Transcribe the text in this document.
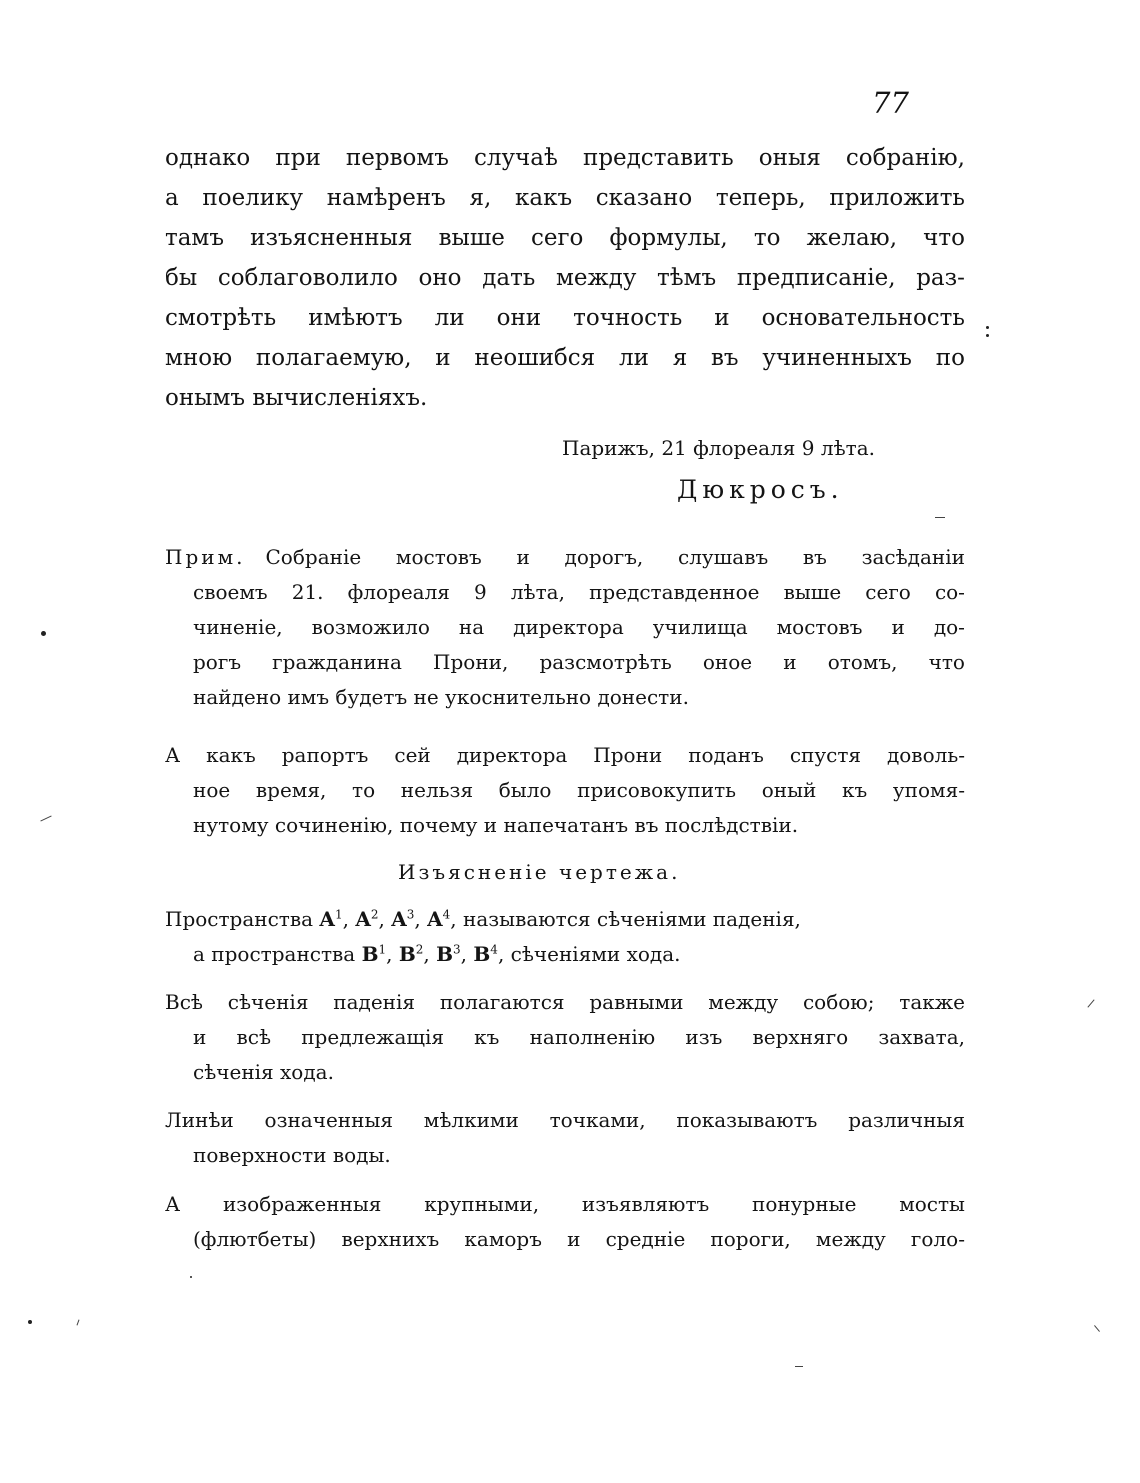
77
однако при первомъ случаѣ представить оныя собранію,
а поелику намѣренъ я, какъ сказано теперь, приложить
тамъ изъясненныя выше сего формулы, то желаю, что
бы соблаговолило оно дать между тѣмъ предписаніе, раз-
смотрѣть имѣютъ ли они точность и основательность
мною полагаемую, и неошибся ли я въ учиненныхъ по
онымъ вычисленіяхъ.
Парижъ, 21 флореаля 9 лѣта.
Дюкросъ.
Прим. Собраніе мостовъ и дорогъ, слушавъ въ засѣданіи
своемъ 21. флореаля 9 лѣта, представденное выше сего со-
чиненіе, возможило на директора училища мостовъ и до-
рогъ гражданина Прони, разсмотрѣть оное и отомъ, что
найдено имъ будетъ не укоснительно донести.
А какъ рапортъ сей директора Прони поданъ спустя доволь-
ное время, то нельзя было присовокупить оный къ упомя-
нутому сочиненію, почему и напечатанъ въ послѣдствіи.
Изъясненіе чертежа.
Пространства $A^1$, $A^2$, $A^3$, $A^4$, называются сѣченіями паденія,
а пространства $B^1$, $B^2$, $B^3$, $B^4$, сѣченіями хода.
Всѣ сѣченія паденія полагаются равными между собою; также
и всѣ предлежащія къ наполненію изъ верхняго захвата,
сѣченія хода.
Линѣи означенныя мѣлкими точками, показываютъ различныя
поверхности воды.
А изображенныя крупными, изъявляютъ понурные мосты
(флютбеты) верхнихъ каморъ и средніе пороги, между голо-
